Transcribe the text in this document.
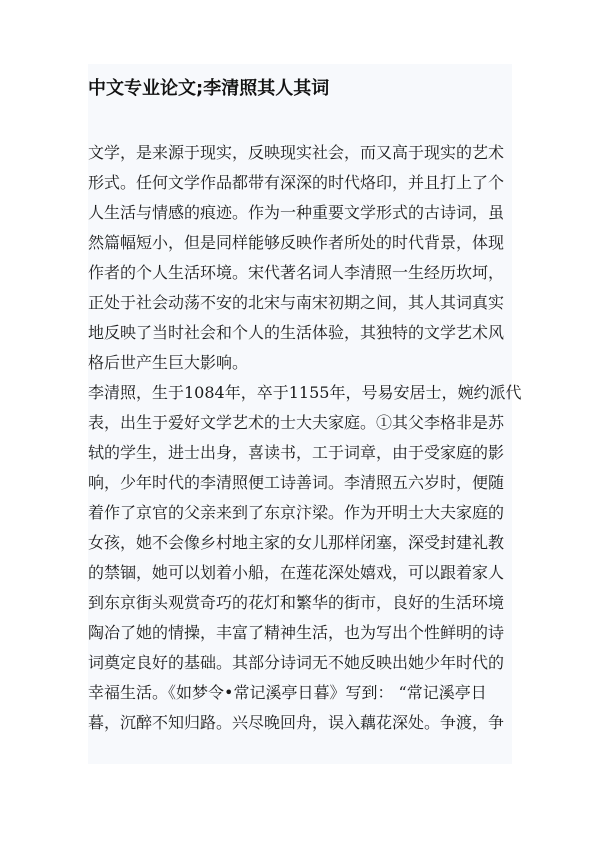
中文专业论文;李清照其人其词
文学，是来源于现实，反映现实社会，而又高于现实的艺术
形式。任何文学作品都带有深深的时代烙印，并且打上了个
人生活与情感的痕迹。作为一种重要文学形式的古诗词，虽
然篇幅短小，但是同样能够反映作者所处的时代背景，体现
作者的个人生活环境。宋代著名词人李清照一生经历坎坷，
正处于社会动荡不安的北宋与南宋初期之间，其人其词真实
地反映了当时社会和个人的生活体验，其独特的文学艺术风
格后世产生巨大影响。
李清照，生于1084年，卒于1155年，号易安居士，婉约派代
表，出生于爱好文学艺术的士大夫家庭。①其父李格非是苏
轼的学生，进士出身，喜读书，工于词章，由于受家庭的影
响，少年时代的李清照便工诗善词。李清照五六岁时，便随
着作了京官的父亲来到了东京汴梁。作为开明士大夫家庭的
女孩，她不会像乡村地主家的女儿那样闭塞，深受封建礼教
的禁锢，她可以划着小船，在莲花深处嬉戏，可以跟着家人
到东京街头观赏奇巧的花灯和繁华的街市，良好的生活环境
陶冶了她的情操，丰富了精神生活，也为写出个性鲜明的诗
词奠定良好的基础。其部分诗词无不她反映出她少年时代的
幸福生活。《如梦令•常记溪亭日暮》写到： “常记溪亭日
暮，沉醉不知归路。兴尽晚回舟，误入藕花深处。争渡，争
